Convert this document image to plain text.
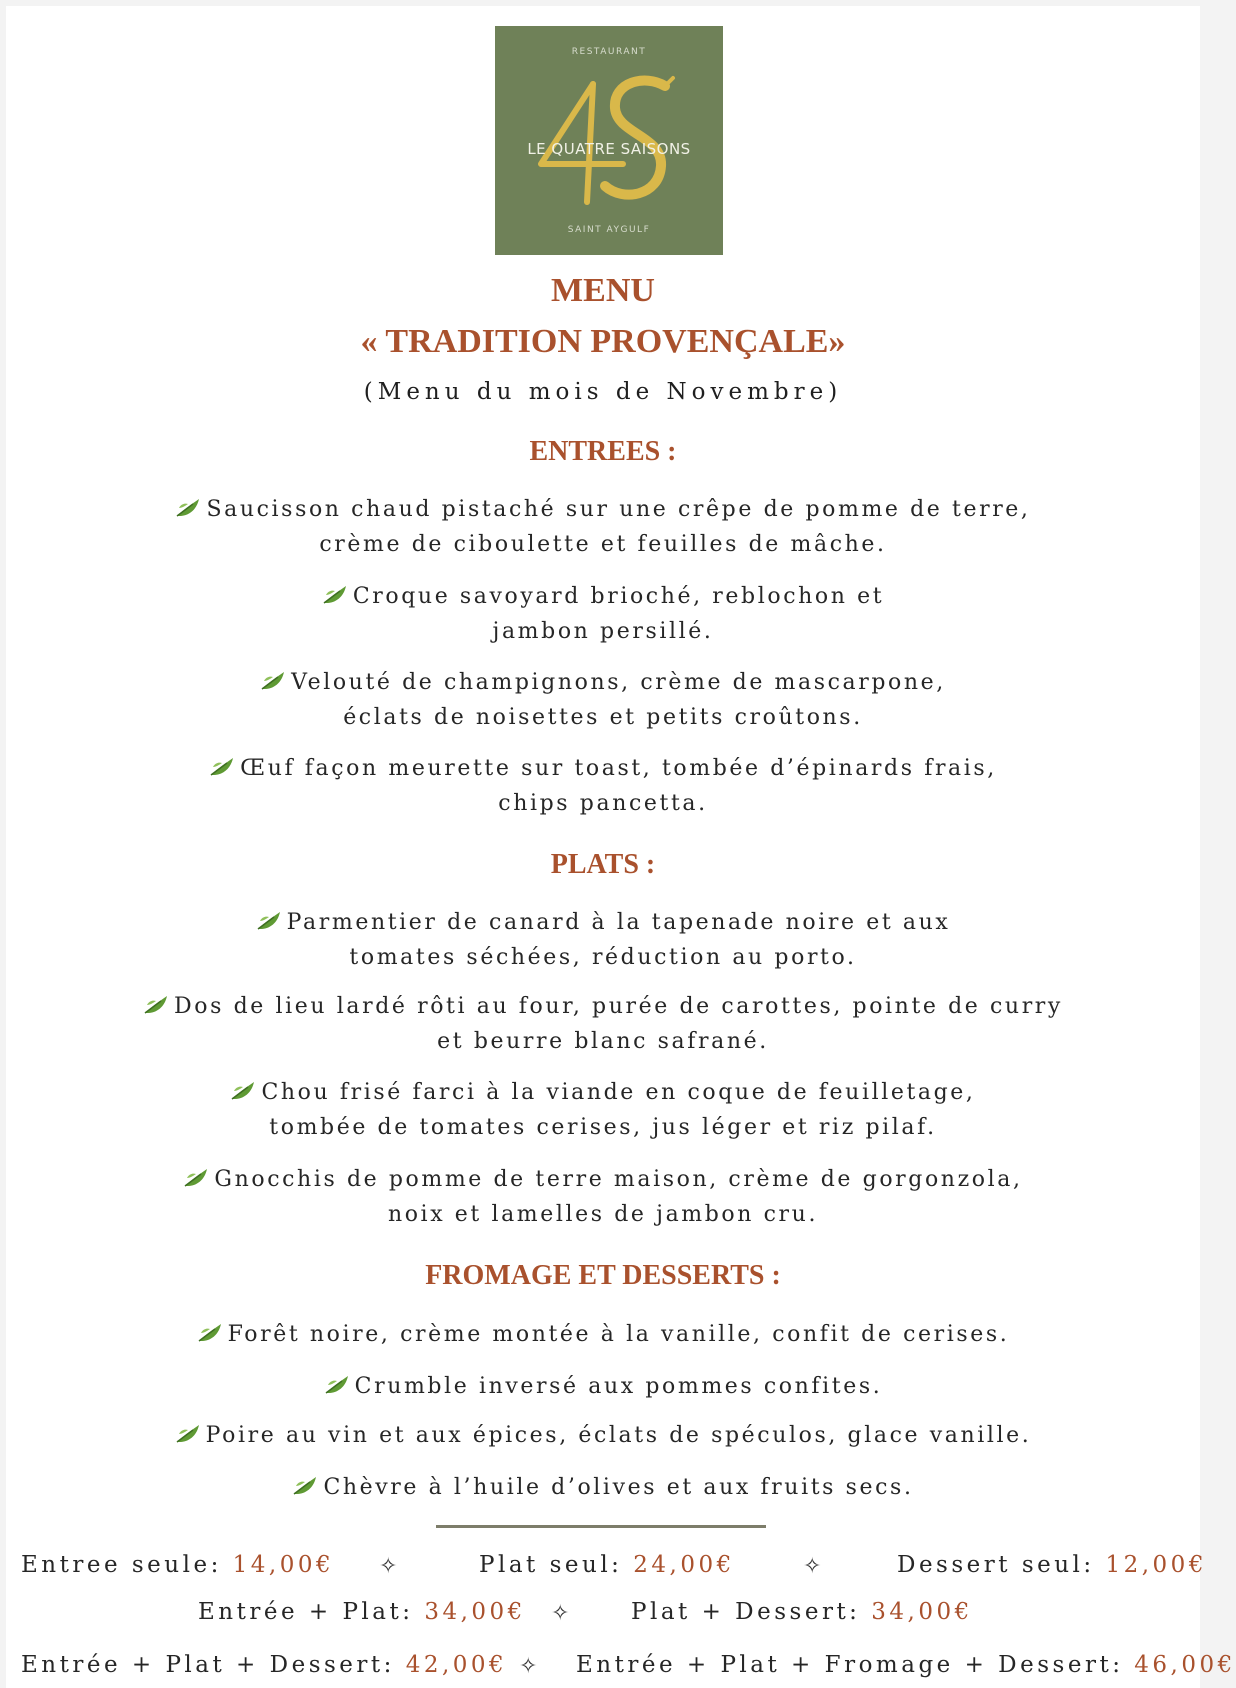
RESTAURANT
LE QUATRE SAISONS
SAINT AYGULF
MENU
« TRADITION PROVENÇALE»
(Menu du mois de Novembre)
ENTREES :
Saucisson chaud pistaché sur une crêpe de pomme de terre,
crème de ciboulette et feuilles de mâche.
Croque savoyard brioché, reblochon et
jambon persillé.
Velouté de champignons, crème de mascarpone,
éclats de noisettes et petits croûtons.
Œuf façon meurette sur toast, tombée d’épinards frais,
chips pancetta.
PLATS :
Parmentier de canard à la tapenade noire et aux
tomates séchées, réduction au porto.
Dos de lieu lardé rôti au four, purée de carottes, pointe de curry
et beurre blanc safrané.
Chou frisé farci à la viande en coque de feuilletage,
tombée de tomates cerises, jus léger et riz pilaf.
Gnocchis de pomme de terre maison, crème de gorgonzola,
noix et lamelles de jambon cru.
FROMAGE ET DESSERTS :
Forêt noire, crème montée à la vanille, confit de cerises.
Crumble inversé aux pommes confites.
Poire au vin et aux épices, éclats de spéculos, glace vanille.
Chèvre à l’huile d’olives et aux fruits secs.
Entree seule: 14,00€ ✧	Plat seul: 24,00€	✧	Dessert seul: 12,00€
Entrée + Plat: 34,00€ ✧	Plat + Dessert: 34,00€
Entrée + Plat + Dessert: 42,00€ ✧ Entrée + Plat + Fromage + Dessert: 46,00€
